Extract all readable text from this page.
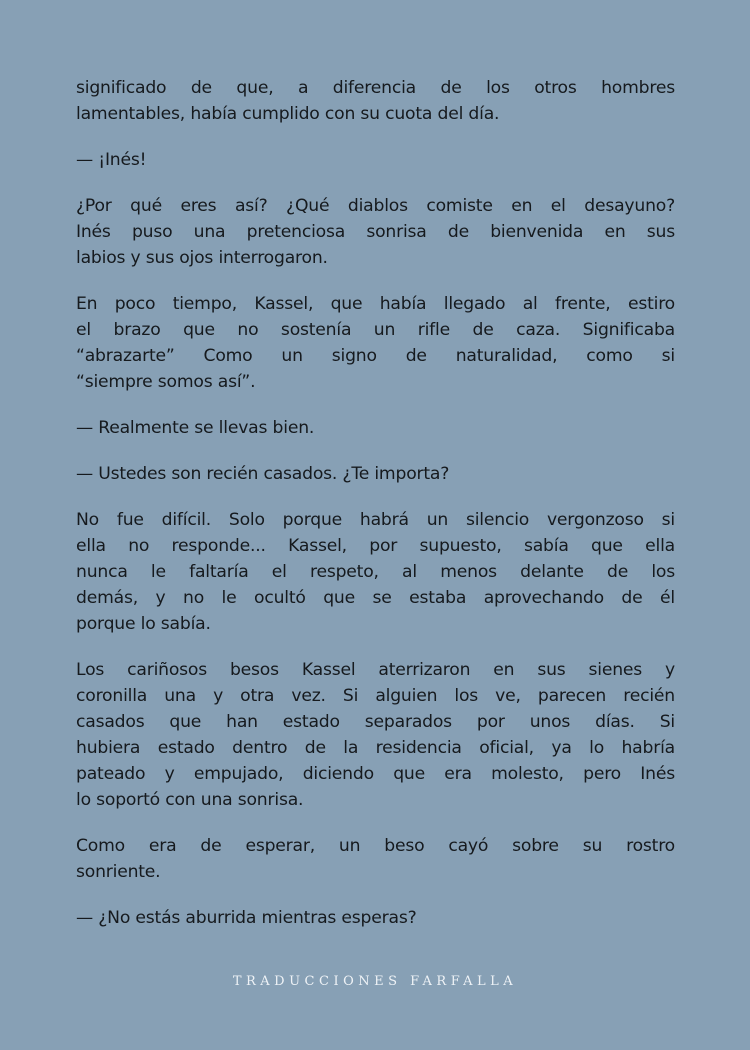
significado de que, a diferencia de los otros hombres
lamentables, había cumplido con su cuota del día.
— ¡Inés!
¿Por qué eres así? ¿Qué diablos comiste en el desayuno?
Inés puso una pretenciosa sonrisa de bienvenida en sus
labios y sus ojos interrogaron.
En poco tiempo, Kassel, que había llegado al frente, estiro
el brazo que no sostenía un rifle de caza. Significaba
“abrazarte” Como un signo de naturalidad, como si
“siempre somos así”.
— Realmente se llevas bien.
— Ustedes son recién casados. ¿Te importa?
No fue difícil. Solo porque habrá un silencio vergonzoso si
ella no responde... Kassel, por supuesto, sabía que ella
nunca le faltaría el respeto, al menos delante de los
demás, y no le ocultó que se estaba aprovechando de él
porque lo sabía.
Los cariñosos besos Kassel aterrizaron en sus sienes y
coronilla una y otra vez. Si alguien los ve, parecen recién
casados que han estado separados por unos días. Si
hubiera estado dentro de la residencia oficial, ya lo habría
pateado y empujado, diciendo que era molesto, pero Inés
lo soportó con una sonrisa.
Como era de esperar, un beso cayó sobre su rostro
sonriente.
— ¿No estás aburrida mientras esperas?
TRADUCCIONES FARFALLA
